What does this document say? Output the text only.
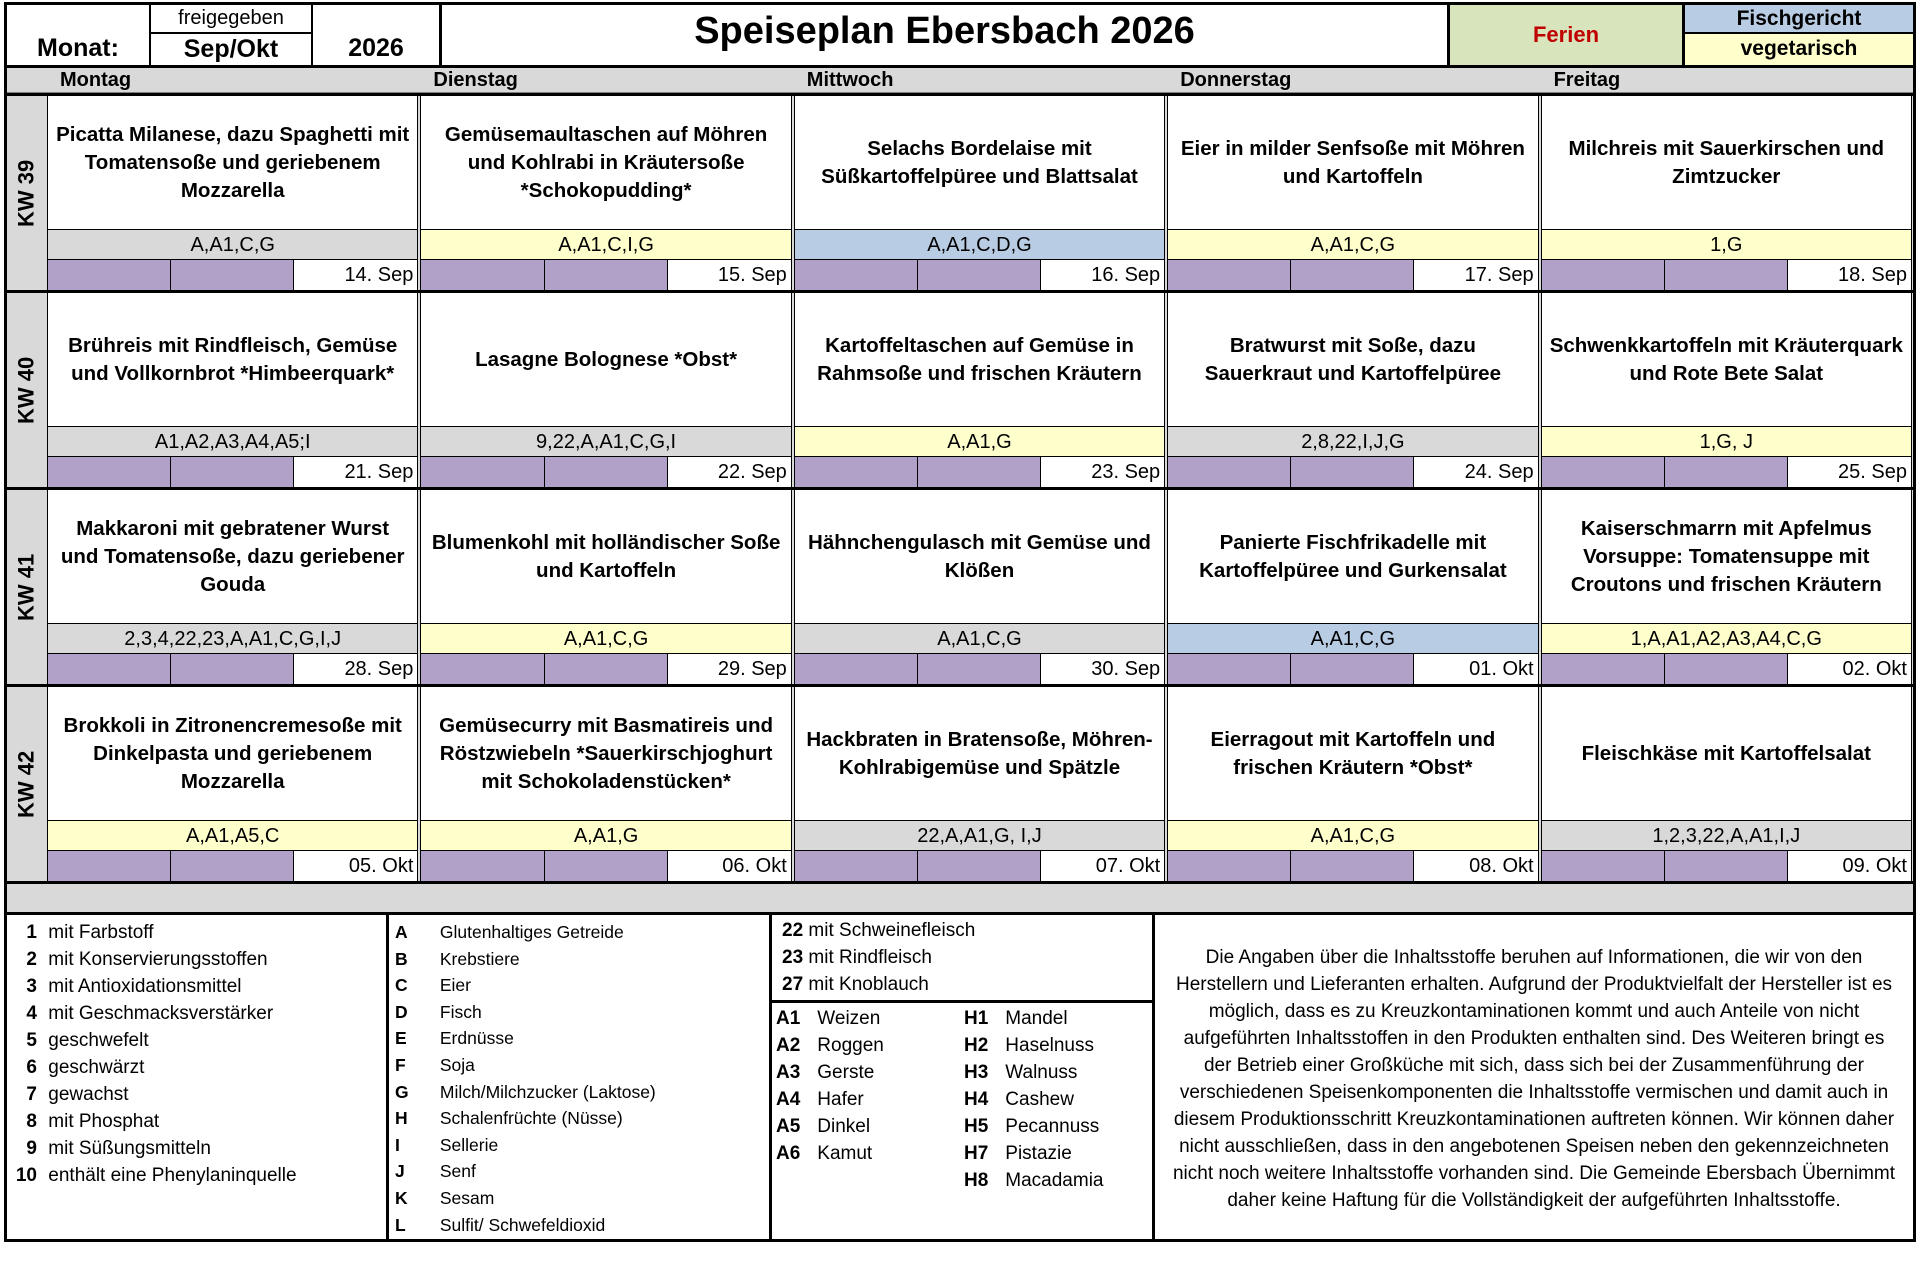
Monat:
freigegeben
Sep/Okt	2026	Speiseplan Ebersbach 2026	Ferien
Fischgericht
vegetarisch
Montag	Dienstag	Mittwoch	Donnerstag	Freitag
KW 39
Picatta Milanese, dazu Spaghetti mit Tomatensoße und geriebenem Mozzarella
A,A1,C,G
14. Sep
Gemüsemaultaschen auf Möhren und Kohlrabi in Kräutersoße *Schokopudding*
A,A1,C,I,G
15. Sep
Selachs Bordelaise mit Süßkartoffelpüree und Blattsalat
A,A1,C,D,G
16. Sep
Eier in milder Senfsoße mit Möhren und Kartoffeln
A,A1,C,G
17. Sep
Milchreis mit Sauerkirschen und Zimtzucker
1,G
18. Sep
KW 40
Brühreis mit Rindfleisch, Gemüse und Vollkornbrot *Himbeerquark*
A1,A2,A3,A4,A5;I
21. Sep
Lasagne Bolognese *Obst*
9,22,A,A1,C,G,I
22. Sep
Kartoffeltaschen auf Gemüse in Rahmsoße und frischen Kräutern
A,A1,G
23. Sep
Bratwurst mit Soße, dazu Sauerkraut und Kartoffelpüree
2,8,22,I,J,G
24. Sep
Schwenkkartoffeln mit Kräuterquark und Rote Bete Salat
1,G, J
25. Sep
KW 41
Makkaroni mit gebratener Wurst und Tomatensoße, dazu geriebener Gouda
2,3,4,22,23,A,A1,C,G,I,J
28. Sep
Blumenkohl mit holländischer Soße und Kartoffeln
A,A1,C,G
29. Sep
Hähnchengulasch mit Gemüse und Klößen
A,A1,C,G
30. Sep
Panierte Fischfrikadelle mit Kartoffelpüree und Gurkensalat
A,A1,C,G
01. Okt
Kaiserschmarrn mit Apfelmus Vorsuppe: Tomatensuppe mit Croutons und frischen Kräutern
1,A,A1,A2,A3,A4,C,G
02. Okt
KW 42
Brokkoli in Zitronencremesoße mit Dinkelpasta und geriebenem Mozzarella
A,A1,A5,C
05. Okt
Gemüsecurry mit Basmatireis und Röstzwiebeln *Sauerkirschjoghurt mit Schokoladenstücken*
A,A1,G
06. Okt
Hackbraten in Bratensoße, Möhren-Kohlrabigemüse und Spätzle
22,A,A1,G, I,J
07. Okt
Eierragout mit Kartoffeln und frischen Kräutern *Obst*
A,A1,C,G
08. Okt
Fleischkäse mit Kartoffelsalat
1,2,3,22,A,A1,I,J
09. Okt
1 mit Farbstoff
2 mit Konservierungsstoffen
3 mit Antioxidationsmittel
4 mit Geschmacksverstärker
5 geschwefelt
6 geschwärzt
7 gewachst
8 mit Phosphat
9 mit Süßungsmitteln
10 enthält eine Phenylaninquelle
A Glutenhaltiges Getreide
B Krebstiere
C Eier
D Fisch
E Erdnüsse
F Soja
G Milch/Milchzucker (Laktose)
H Schalenfrüchte (Nüsse)
I Sellerie
J Senf
K Sesam
L Sulfit/ Schwefeldioxid
22 mit Schweinefleisch
23 mit Rindfleisch
27 mit Knoblauch
A1 Weizen
A2 Roggen
A3 Gerste
A4 Hafer
A5 Dinkel
A6 Kamut
H1 Mandel
H2 Haselnuss
H3 Walnuss
H4 Cashew
H5 Pecannuss
H7 Pistazie
H8 Macadamia
Die Angaben über die Inhaltsstoffe beruhen auf Informationen, die wir von den Herstellern und Lieferanten erhalten. Aufgrund der Produktvielfalt der Hersteller ist es möglich, dass es zu Kreuzkontaminationen kommt und auch Anteile von nicht aufgeführten Inhaltsstoffen in den Produkten enthalten sind. Des Weiteren bringt es der Betrieb einer Großküche mit sich, dass sich bei der Zusammenführung der verschiedenen Speisenkomponenten die Inhaltsstoffe vermischen und damit auch in diesem Produktionsschritt Kreuzkontaminationen auftreten können. Wir können daher nicht ausschließen, dass in den angebotenen Speisen neben den gekennzeichneten nicht noch weitere Inhaltsstoffe vorhanden sind. Die Gemeinde Ebersbach Übernimmt daher keine Haftung für die Vollständigkeit der aufgeführten Inhaltsstoffe.
